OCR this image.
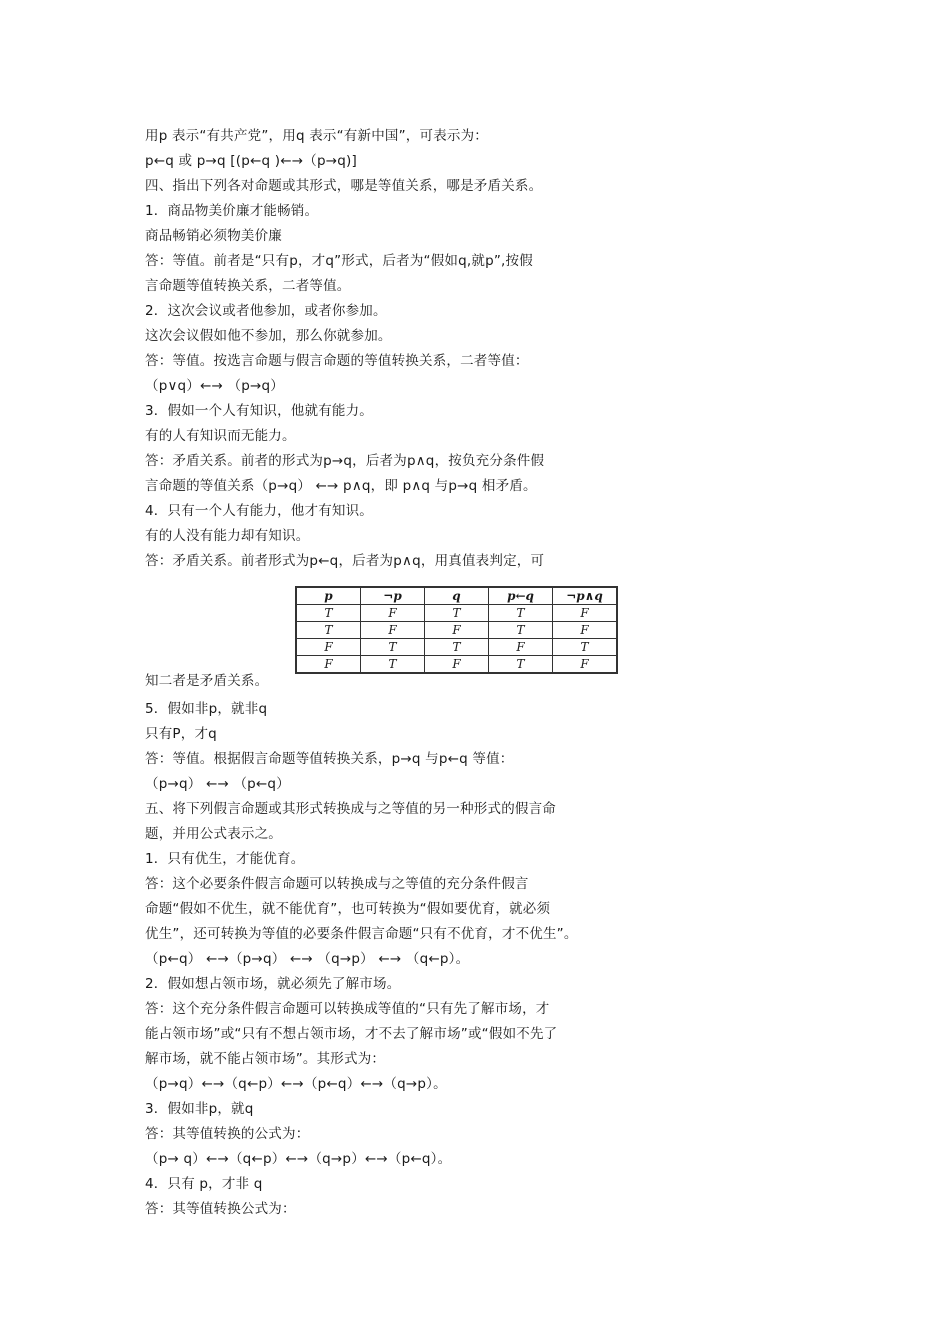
用p 表示“有共产党”，用q 表示“有新中国”，可表示为：
p←q 或 p→q [(p←q )←→（p→q)]
四、指出下列各对命题或其形式，哪是等值关系，哪是矛盾关系。
1．商品物美价廉才能畅销。
商品畅销必须物美价廉
答：等值。前者是“只有p，才q”形式，后者为“假如q,就p”,按假
言命题等值转换关系，二者等值。
2．这次会议或者他参加，或者你参加。
这次会议假如他不参加，那么你就参加。
答：等值。按选言命题与假言命题的等值转换关系，二者等值：
（p∨q）←→ （p→q）
3．假如一个人有知识，他就有能力。
有的人有知识而无能力。
答：矛盾关系。前者的形式为p→q，后者为p∧q，按负充分条件假
言命题的等值关系（p→q） ←→ p∧q，即 p∧q 与p→q 相矛盾。
4．只有一个人有能力，他才有知识。
有的人没有能力却有知识。
答：矛盾关系。前者形式为p←q，后者为p∧q，用真值表判定，可
知二者是矛盾关系。
5．假如非p，就非q
只有P，才q
答：等值。根据假言命题等值转换关系，p→q 与p←q 等值：
（p→q） ←→ （p←q）
五、将下列假言命题或其形式转换成与之等值的另一种形式的假言命
题，并用公式表示之。
1．只有优生，才能优育。
答：这个必要条件假言命题可以转换成与之等值的充分条件假言
命题“假如不优生，就不能优育”，也可转换为“假如要优育，就必须
优生”，还可转换为等值的必要条件假言命题“只有不优育，才不优生”。
（p←q） ←→（p→q） ←→ （q→p） ←→ （q←p）。
2．假如想占领市场，就必须先了解市场。
答：这个充分条件假言命题可以转换成等值的“只有先了解市场，才
能占领市场”或“只有不想占领市场，才不去了解市场”或“假如不先了
解市场，就不能占领市场”。其形式为：
（p→q）←→（q←p）←→（p←q）←→（q→p）。
3．假如非p，就q
答：其等值转换的公式为：
（p→ q）←→（q←p）←→（q→p）←→（p←q）。
4．只有 p，才非 q
答：其等值转换公式为：
p	¬p	q	p←q	¬p∧q
T	F	T	T	F
T	F	F	T	F
F	T	T	F	T
F	T	F	T	F
